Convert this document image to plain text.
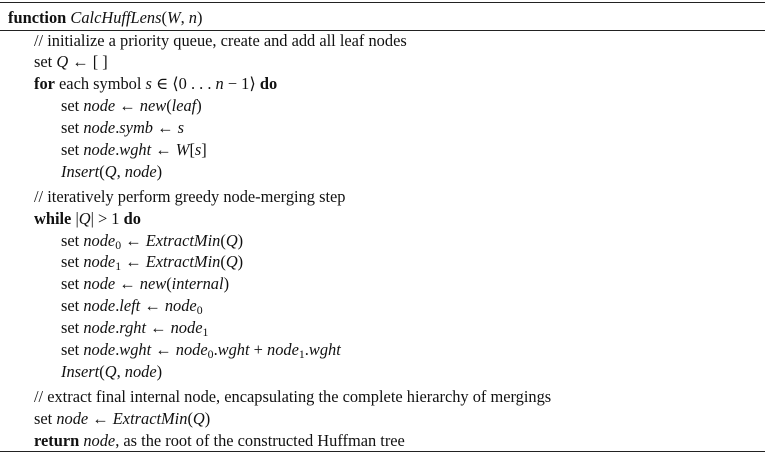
function CalcHuffLens(W, n)
// initialize a priority queue, create and add all leaf nodes
set Q ← [ ]
for each symbol s ∈ ⟨0 . . . n − 1⟩ do
set node ← new(leaf)
set node.symb ← s
set node.wght ← W[s]
Insert(Q, node)
// iteratively perform greedy node-merging step
while |Q| > 1 do
set node$_0$ ← ExtractMin(Q)
set node$_1$ ← ExtractMin(Q)
set node ← new(internal)
set node.left ← node$_0$
set node.rght ← node$_1$
set node.wght ← node$_0$.wght + node$_1$.wght
Insert(Q, node)
// extract final internal node, encapsulating the complete hierarchy of mergings
set node ← ExtractMin(Q)
return node, as the root of the constructed Huffman tree
